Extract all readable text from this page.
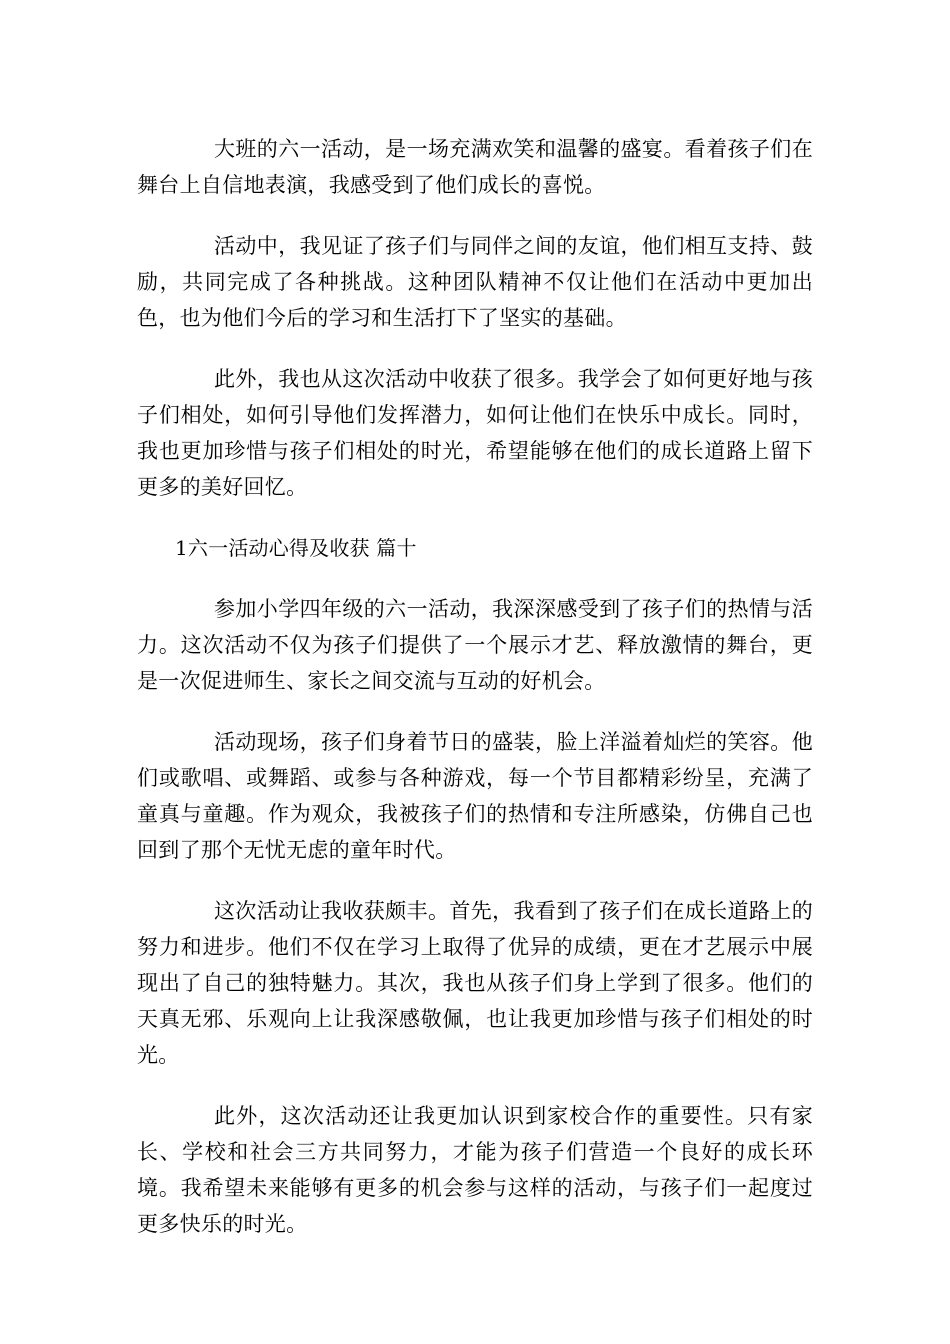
大班的六一活动，是一场充满欢笑和温馨的盛宴。看着孩子们在舞台上自信地表演，我感受到了他们成长的喜悦。

活动中，我见证了孩子们与同伴之间的友谊，他们相互支持、鼓励，共同完成了各种挑战。这种团队精神不仅让他们在活动中更加出色，也为他们今后的学习和生活打下了坚实的基础。

此外，我也从这次活动中收获了很多。我学会了如何更好地与孩子们相处，如何引导他们发挥潜力，如何让他们在快乐中成长。同时，我也更加珍惜与孩子们相处的时光，希望能够在他们的成长道路上留下更多的美好回忆。

1六一活动心得及收获 篇十

参加小学四年级的六一活动，我深深感受到了孩子们的热情与活力。这次活动不仅为孩子们提供了一个展示才艺、释放激情的舞台，更是一次促进师生、家长之间交流与互动的好机会。

活动现场，孩子们身着节日的盛装，脸上洋溢着灿烂的笑容。他们或歌唱、或舞蹈、或参与各种游戏，每一个节目都精彩纷呈，充满了童真与童趣。作为观众，我被孩子们的热情和专注所感染，仿佛自己也回到了那个无忧无虑的童年时代。

这次活动让我收获颇丰。首先，我看到了孩子们在成长道路上的努力和进步。他们不仅在学习上取得了优异的成绩，更在才艺展示中展现出了自己的独特魅力。其次，我也从孩子们身上学到了很多。他们的天真无邪、乐观向上让我深感敬佩，也让我更加珍惜与孩子们相处的时光。

此外，这次活动还让我更加认识到家校合作的重要性。只有家长、学校和社会三方共同努力，才能为孩子们营造一个良好的成长环境。我希望未来能够有更多的机会参与这样的活动，与孩子们一起度过更多快乐的时光。
